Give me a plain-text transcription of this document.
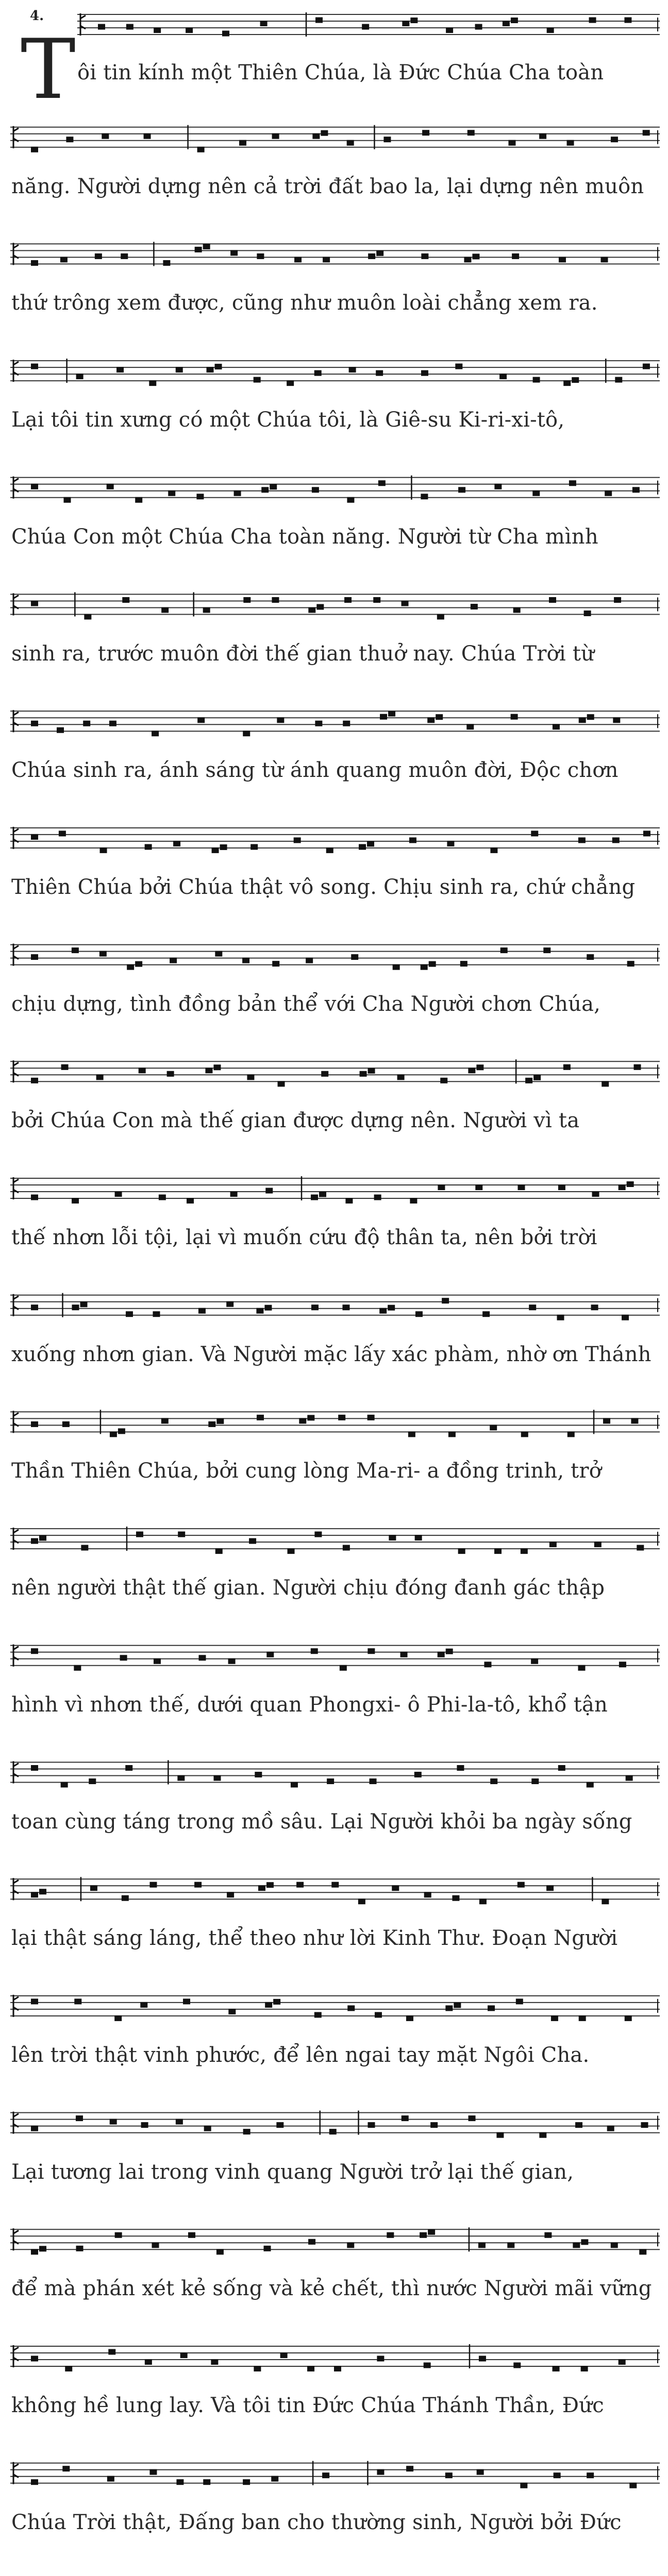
4.
T ôi tin kính một Thiên Chúa, là Đức Chúa Cha toàn
năng. Người dựng nên cả trời đất bao la, lại dựng nên muôn
thứ trông xem được, cũng như muôn loài chẳng xem ra.
Lại tôi tin xưng có một Chúa tôi, là Giê-su Ki-ri-xi-tô,
Chúa Con một Chúa Cha toàn năng. Người từ Cha mình
sinh ra, trước muôn đời thế gian thuở nay. Chúa Trời từ
Chúa sinh ra, ánh sáng từ ánh quang muôn đời, Độc chơn
Thiên Chúa bởi Chúa thật vô song. Chịu sinh ra, chứ chẳng
chịu dựng, tình đồng bản thể với Cha Người chơn Chúa,
bởi Chúa Con mà thế gian được dựng nên. Người vì ta
thế nhơn lỗi tội, lại vì muốn cứu độ thân ta, nên bởi trời
xuống nhơn gian. Và Người mặc lấy xác phàm, nhờ ơn Thánh
Thần Thiên Chúa, bởi cung lòng Ma-ri- a đồng trinh, trở
nên người thật thế gian. Người chịu đóng đanh gác thập
hình vì nhơn thế, dưới quan Phongxi- ô Phi-la-tô, khổ tận
toan cùng táng trong mồ sâu. Lại Người khỏi ba ngày sống
lại thật sáng láng, thể theo như lời Kinh Thư. Đoạn Người
lên trời thật vinh phước, để lên ngai tay mặt Ngôi Cha.
Lại tương lai trong vinh quang Người trở lại thế gian,
để mà phán xét kẻ sống và kẻ chết, thì nước Người mãi vững
không hề lung lay. Và tôi tin Đức Chúa Thánh Thần, Đức
Chúa Trời thật, Đấng ban cho thường sinh, Người bởi Đức
